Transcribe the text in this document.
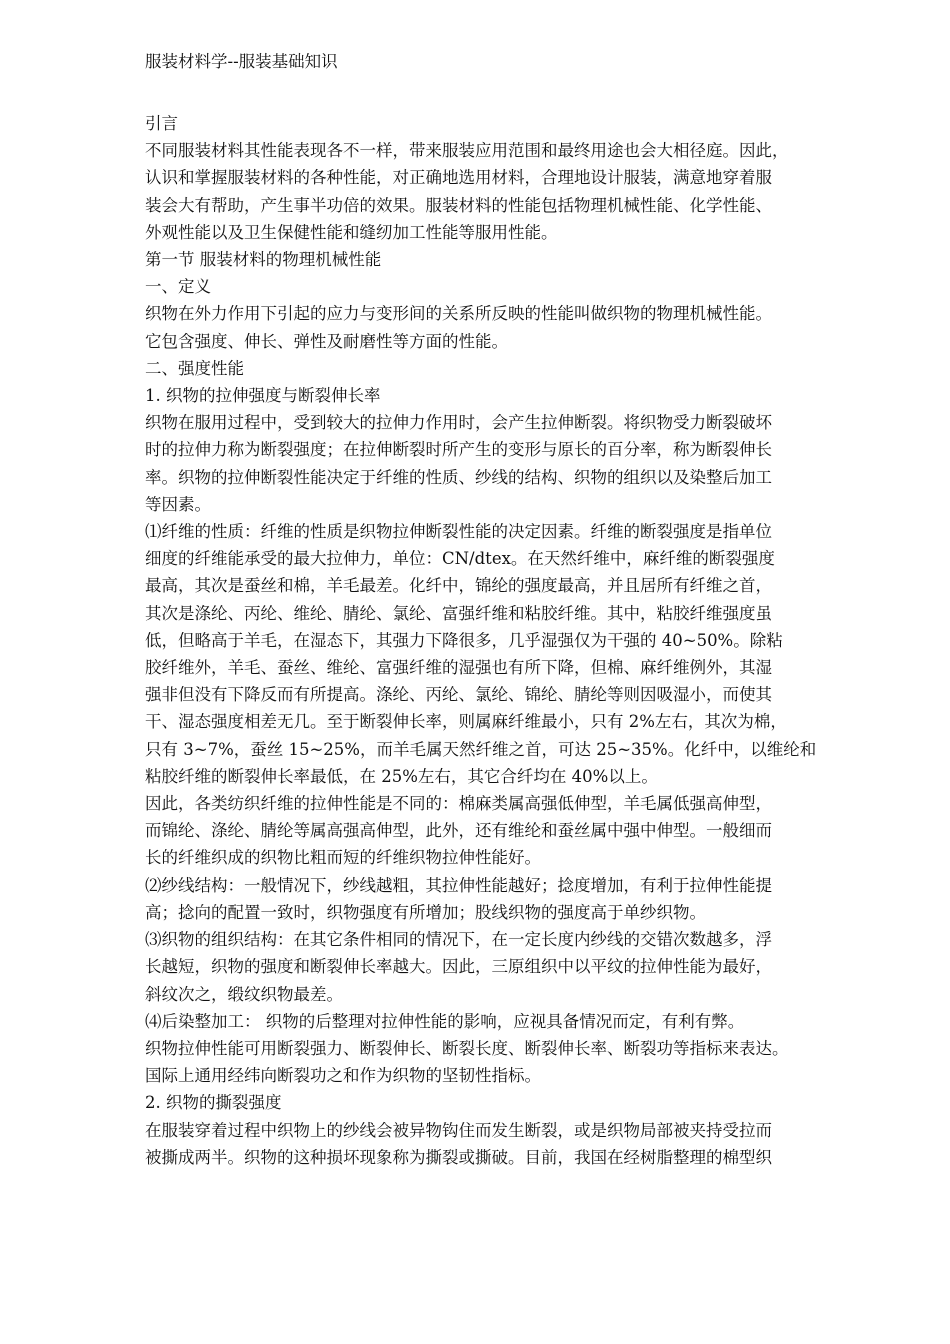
服装材料学--服装基础知识

引言
不同服装材料其性能表现各不一样，带来服装应用范围和最终用途也会大相径庭。因此，
认识和掌握服装材料的各种性能，对正确地选用材料，合理地设计服装，满意地穿着服
装会大有帮助，产生事半功倍的效果。服装材料的性能包括物理机械性能、化学性能、
外观性能以及卫生保健性能和缝纫加工性能等服用性能。
第一节 服装材料的物理机械性能
一、定义
织物在外力作用下引起的应力与变形间的关系所反映的性能叫做织物的物理机械性能。
它包含强度、伸长、弹性及耐磨性等方面的性能。
二、强度性能
1. 织物的拉伸强度与断裂伸长率
织物在服用过程中，受到较大的拉伸力作用时，会产生拉伸断裂。将织物受力断裂破坏
时的拉伸力称为断裂强度；在拉伸断裂时所产生的变形与原长的百分率，称为断裂伸长
率。织物的拉伸断裂性能决定于纤维的性质、纱线的结构、织物的组织以及染整后加工
等因素。
⑴纤维的性质：纤维的性质是织物拉伸断裂性能的决定因素。纤维的断裂强度是指单位
细度的纤维能承受的最大拉伸力，单位：CN/dtex。在天然纤维中，麻纤维的断裂强度
最高，其次是蚕丝和棉，羊毛最差。化纤中，锦纶的强度最高，并且居所有纤维之首，
其次是涤纶、丙纶、维纶、腈纶、氯纶、富强纤维和粘胶纤维。其中，粘胶纤维强度虽
低，但略高于羊毛，在湿态下，其强力下降很多，几乎湿强仅为干强的 40~50%。除粘
胶纤维外，羊毛、蚕丝、维纶、富强纤维的湿强也有所下降，但棉、麻纤维例外，其湿
强非但没有下降反而有所提高。涤纶、丙纶、氯纶、锦纶、腈纶等则因吸湿小，而使其
干、湿态强度相差无几。至于断裂伸长率，则属麻纤维最小，只有 2%左右，其次为棉，
只有 3~7%，蚕丝 15~25%，而羊毛属天然纤维之首，可达 25~35%。化纤中，以维纶和
粘胶纤维的断裂伸长率最低，在 25%左右，其它合纤均在 40%以上。
因此，各类纺织纤维的拉伸性能是不同的：棉麻类属高强低伸型，羊毛属低强高伸型，
而锦纶、涤纶、腈纶等属高强高伸型，此外，还有维纶和蚕丝属中强中伸型。一般细而
长的纤维织成的织物比粗而短的纤维织物拉伸性能好。
⑵纱线结构：一般情况下，纱线越粗，其拉伸性能越好；捻度增加，有利于拉伸性能提
高；捻向的配置一致时，织物强度有所增加；股线织物的强度高于单纱织物。
⑶织物的组织结构：在其它条件相同的情况下，在一定长度内纱线的交错次数越多，浮
长越短，织物的强度和断裂伸长率越大。因此，三原组织中以平纹的拉伸性能为最好，
斜纹次之，缎纹织物最差。
⑷后染整加工： 织物的后整理对拉伸性能的影响，应视具备情况而定，有利有弊。
织物拉伸性能可用断裂强力、断裂伸长、断裂长度、断裂伸长率、断裂功等指标来表达。
国际上通用经纬向断裂功之和作为织物的坚韧性指标。
2. 织物的撕裂强度
在服装穿着过程中织物上的纱线会被异物钩住而发生断裂，或是织物局部被夹持受拉而
被撕成两半。织物的这种损坏现象称为撕裂或撕破。目前，我国在经树脂整理的棉型织
